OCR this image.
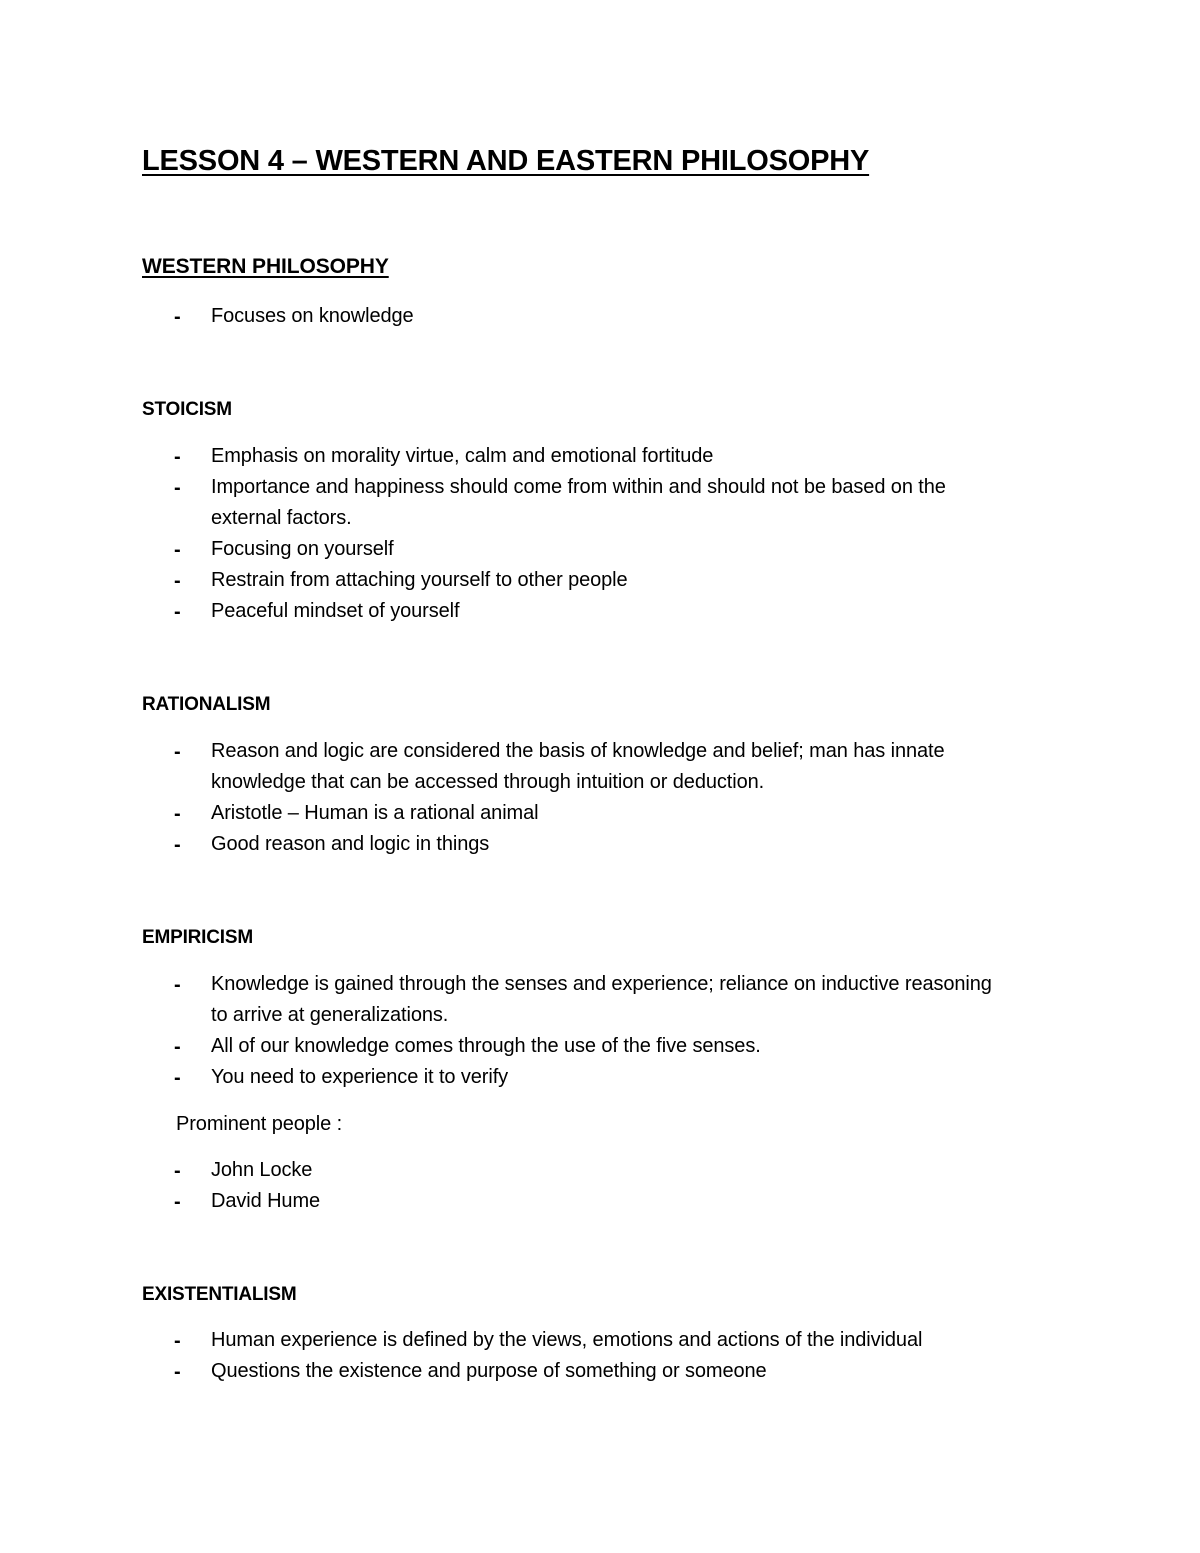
LESSON 4 – WESTERN AND EASTERN PHILOSOPHY
WESTERN PHILOSOPHY
- Focuses on knowledge
STOICISM
- Emphasis on morality virtue, calm and emotional fortitude
- Importance and happiness should come from within and should not be based on the
external factors.
- Focusing on yourself
- Restrain from attaching yourself to other people
- Peaceful mindset of yourself
RATIONALISM
- Reason and logic are considered the basis of knowledge and belief; man has innate
knowledge that can be accessed through intuition or deduction.
- Aristotle – Human is a rational animal
- Good reason and logic in things
EMPIRICISM
- Knowledge is gained through the senses and experience; reliance on inductive reasoning
to arrive at generalizations.
- All of our knowledge comes through the use of the five senses.
- You need to experience it to verify
Prominent people :
- John Locke
- David Hume
EXISTENTIALISM
- Human experience is defined by the views, emotions and actions of the individual
- Questions the existence and purpose of something or someone
